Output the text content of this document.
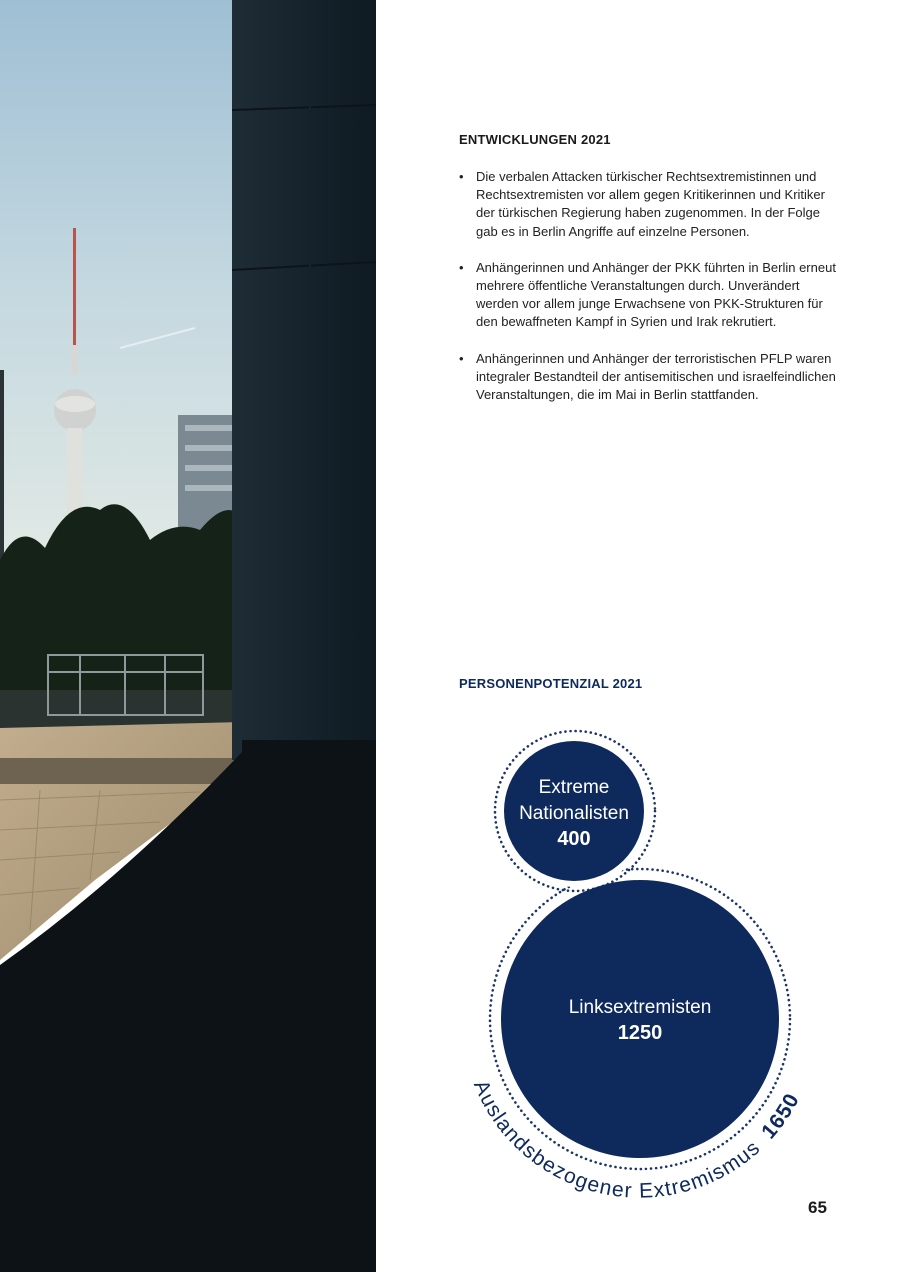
ENTWICKLUNGEN 2021
• Die verbalen Attacken türkischer Rechtsextremistinnen und Rechtsextremisten vor allem gegen Kritikerinnen und Kritiker der türkischen Regierung haben zugenommen. In der Folge gab es in Berlin Angriffe auf einzelne Personen.
• Anhängerinnen und Anhänger der PKK führten in Berlin erneut mehrere öffentliche Veranstaltungen durch. Unverändert werden vor allem junge Erwachsene von PKK-Strukturen für den bewaffneten Kampf in Syrien und Irak rekrutiert.
• Anhängerinnen und Anhänger der terroristischen PFLP waren integraler Bestandteil der antisemitischen und israelfeindlichen Veranstaltungen, die im Mai in Berlin stattfanden.
PERSONENPOTENZIAL 2021
Extreme
Nationalisten
400
Linksextremisten
1250
Auslandsbezogener Extremismus 1650
65
